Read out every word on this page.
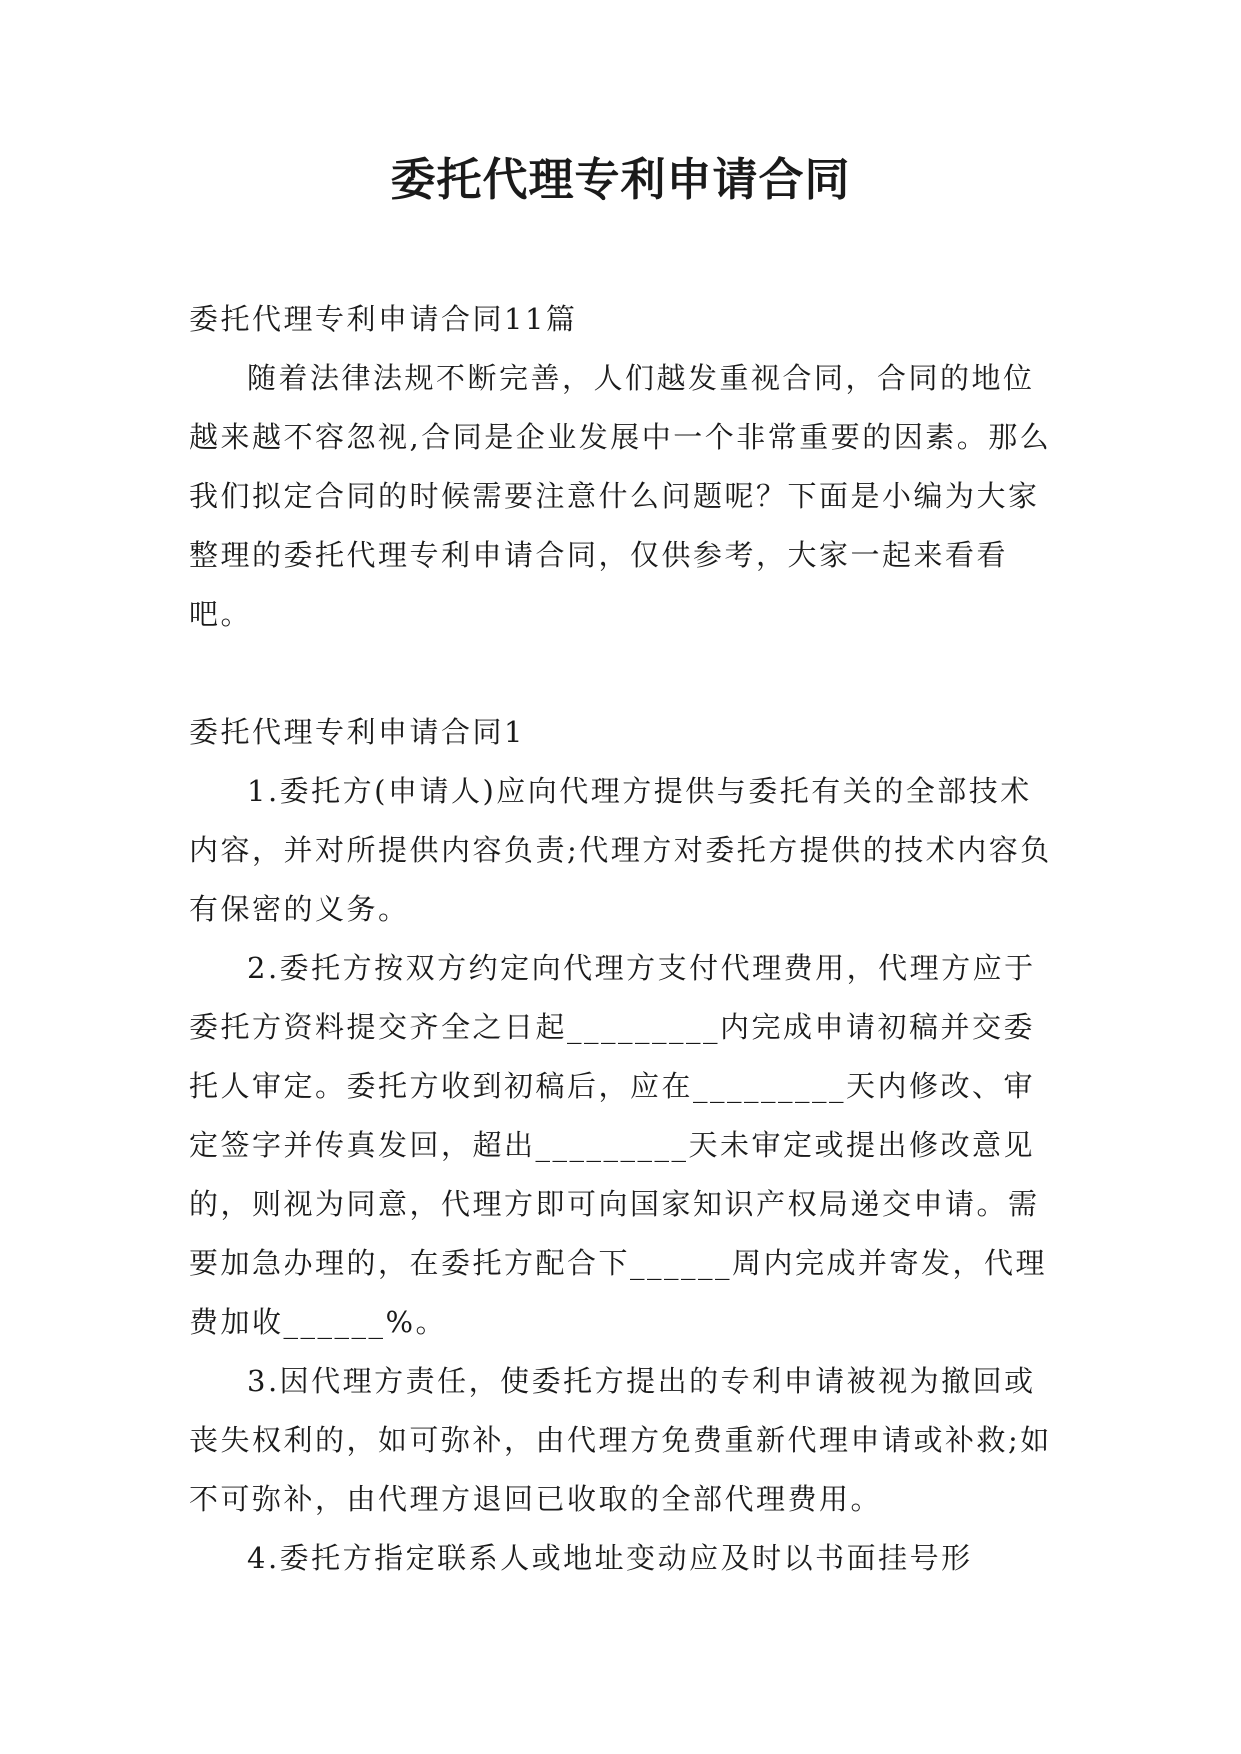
委托代理专利申请合同

委托代理专利申请合同11篇

随着法律法规不断完善，人们越发重视合同，合同的地位越来越不容忽视,合同是企业发展中一个非常重要的因素。那么我们拟定合同的时候需要注意什么问题呢？下面是小编为大家整理的委托代理专利申请合同，仅供参考，大家一起来看看吧。

委托代理专利申请合同1

1.委托方(申请人)应向代理方提供与委托有关的全部技术内容，并对所提供内容负责;代理方对委托方提供的技术内容负有保密的义务。

2.委托方按双方约定向代理方支付代理费用，代理方应于委托方资料提交齐全之日起_________内完成申请初稿并交委托人审定。委托方收到初稿后，应在_________天内修改、审定签字并传真发回，超出_________天未审定或提出修改意见的，则视为同意，代理方即可向国家知识产权局递交申请。需要加急办理的，在委托方配合下______周内完成并寄发，代理费加收______%。

3.因代理方责任，使委托方提出的专利申请被视为撤回或丧失权利的，如可弥补，由代理方免费重新代理申请或补救;如不可弥补，由代理方退回已收取的全部代理费用。

4.委托方指定联系人或地址变动应及时以书面挂号形
